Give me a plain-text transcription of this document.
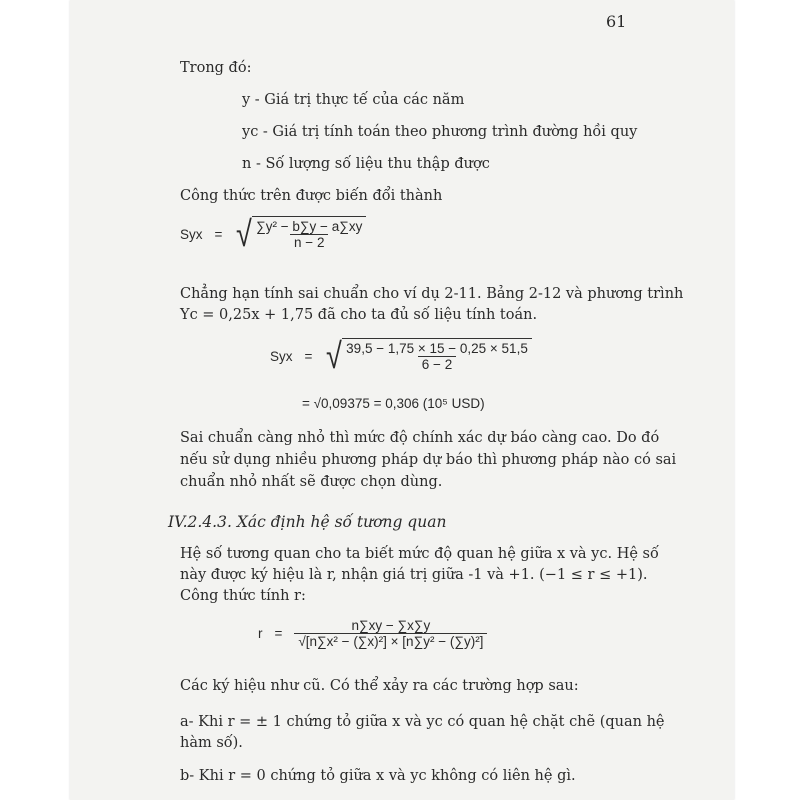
61
Trong đó:
y - Giá trị thực tế của các năm
yc - Giá trị tính toán theo phương trình đường hồi quy
n - Số lượng số liệu thu thập được
Công thức trên được biến đổi thành
Syx = √ $\frac{\text{∑y² − b∑y − a∑xy}}{n - 2}$
Chẳng hạn tính sai chuẩn cho ví dụ 2-11. Bảng 2-12 và phương trình
Yc = 0,25x + 1,75 đã cho ta đủ số liệu tính toán.
Syx = √ $\frac{39,5 - 1,75 \times 15 - 0,25 \times 51,5}{6 - 2}$
= √0,09375 = 0,306 (10⁵ USD)
Sai chuẩn càng nhỏ thì mức độ chính xác dự báo càng cao. Do đó
nếu sử dụng nhiều phương pháp dự báo thì phương pháp nào có sai
chuẩn nhỏ nhất sẽ được chọn dùng.
IV.2.4.3. Xác định hệ số tương quan
Hệ số tương quan cho ta biết mức độ quan hệ giữa x và yc. Hệ số
này được ký hiệu là r, nhận giá trị giữa -1 và +1. (−1 ≤ r ≤ +1).
Công thức tính r:
$r = \frac{n\sum xy - \sum x\sum y}{\text{√[n∑x² − (∑x)²] × [n∑y² − (∑y)²]}}$
Các ký hiệu như cũ. Có thể xảy ra các trường hợp sau:
a- Khi r = ± 1 chứng tỏ giữa x và yc có quan hệ chặt chẽ (quan hệ
hàm số).
b- Khi r = 0 chứng tỏ giữa x và yc không có liên hệ gì.
